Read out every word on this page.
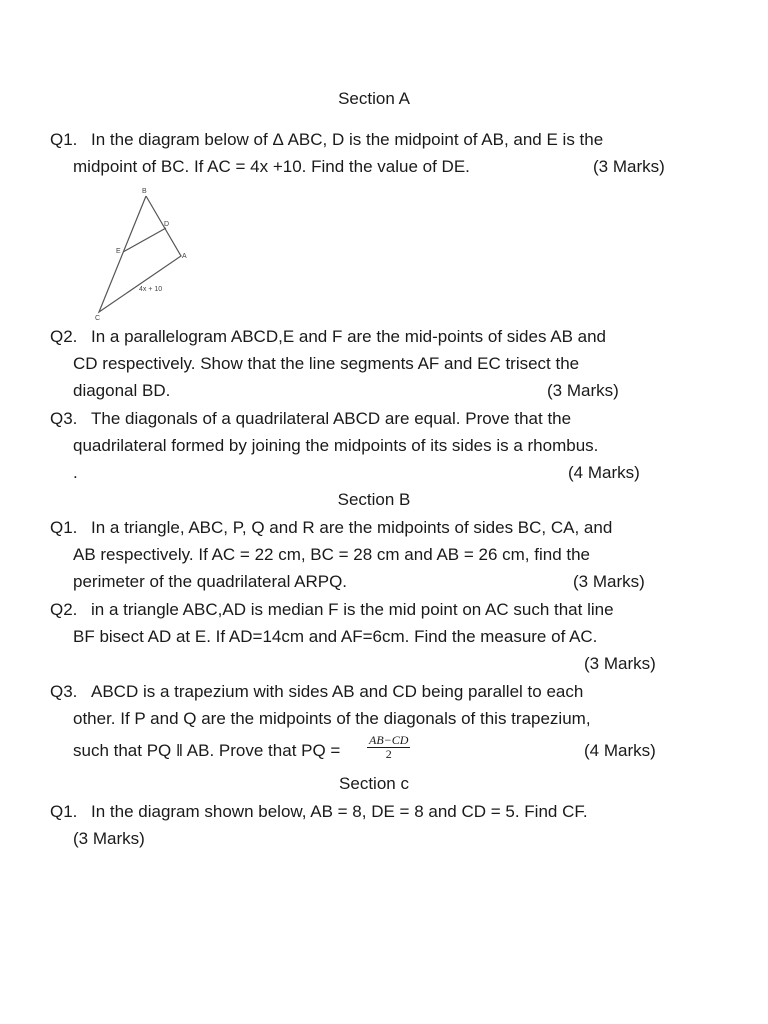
Section A
Q1. In the diagram below of Δ ABC, D is the midpoint of AB, and E is the
midpoint of BC. If AC = 4x +10. Find the value of DE.	(3 Marks)
B
D
E
A
C
4x + 10
Q2. In a parallelogram ABCD,E and F are the mid-points of sides AB and
CD respectively. Show that the line segments AF and EC trisect the
diagonal BD.	(3 Marks)
Q3. The diagonals of a quadrilateral ABCD are equal. Prove that the
quadrilateral formed by joining the midpoints of its sides is a rhombus.
.	(4 Marks)
Section B
Q1. In a triangle, ABC, P, Q and R are the midpoints of sides BC, CA, and
AB respectively. If AC = 22 cm, BC = 28 cm and AB = 26 cm, find the
perimeter of the quadrilateral ARPQ.	(3 Marks)
Q2. in a triangle ABC,AD is median F is the mid point on AC such that line
BF bisect AD at E. If AD=14cm and AF=6cm. Find the measure of AC.
(3 Marks)
Q3. ABCD is a trapezium with sides AB and CD being parallel to each
other. If P and Q are the midpoints of the diagonals of this trapezium,
such that PQ ‖ AB. Prove that PQ = $\frac{AB-CD}{2}$	(4 Marks)
Section c
Q1. In the diagram shown below, AB = 8, DE = 8 and CD = 5. Find CF.
(3 Marks)
